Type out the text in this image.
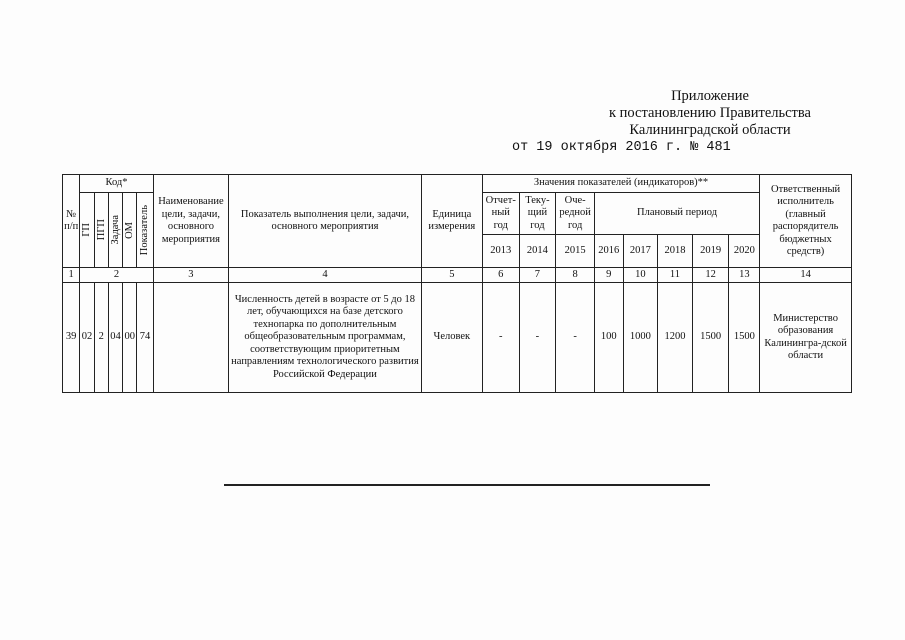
Приложение
к постановлению Правительства
Калининградской области
от 19 октября 2016 г. № 481
№ п/п	Код*					Наименование цели, задачи, основного мероприятия	Показатель выполнения цели, задачи, основного мероприятия	Единица измерения	Значения показателей (индикаторов)**								Ответственный исполнитель (главный распорядитель бюджетных средств)

	ГП	ПГП	Задача	ОМ	Показатель				Отчет-ный год	Теку-щий год	Оче-редной год	Плановый период					
									2013	2014	2015	2016	2017	2018	2019	2020	
1	2					3	4	5	6	7	8	9	10	11	12	13	14
39	02	2	04	00	74		Численность детей в возрасте от 5 до 18 лет, обучающихся на базе детского технопарка по дополнительным общеобразовательным программам, соответствующим приоритетным направлениям технологического развития Российской Федерации	Человек	-	-	-	100	1000	1200	1500	1500	Министерство образования Калинингра-дской области
